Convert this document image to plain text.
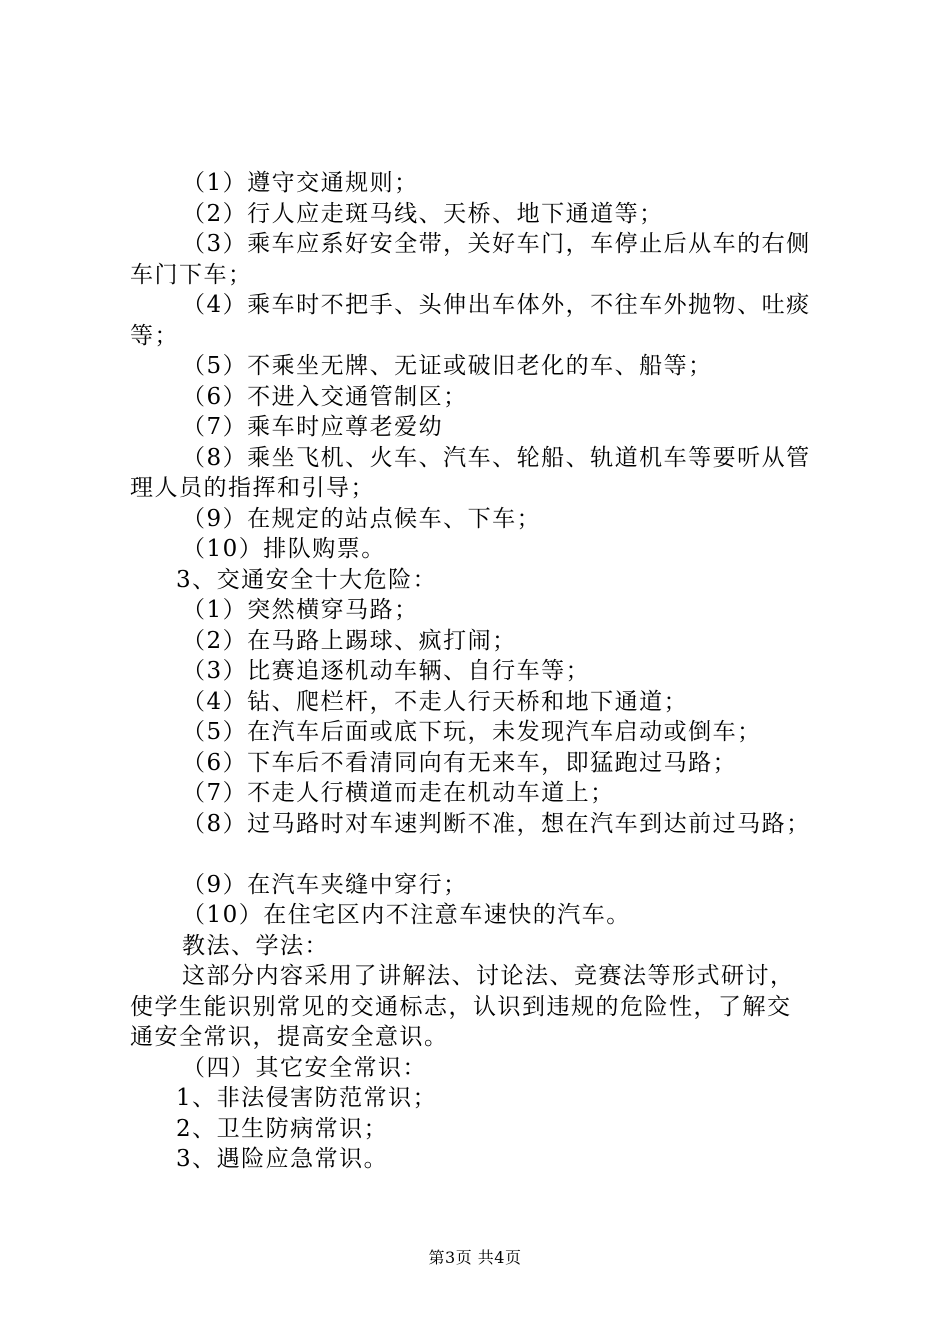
（1）遵守交通规则；

（2）行人应走斑马线、天桥、地下通道等；

（3）乘车应系好安全带，关好车门，车停止后从车的右侧

车门下车；

（4）乘车时不把手、头伸出车体外，不往车外抛物、吐痰

等；

（5）不乘坐无牌、无证或破旧老化的车、船等；

（6）不进入交通管制区；

（7）乘车时应尊老爱幼

（8）乘坐飞机、火车、汽车、轮船、轨道机车等要听从管

理人员的指挥和引导；

（9）在规定的站点候车、下车；

（10）排队购票。

3、交通安全十大危险：

（1）突然横穿马路；

（2）在马路上踢球、疯打闹；

（3）比赛追逐机动车辆、自行车等；

（4）钻、爬栏杆，不走人行天桥和地下通道；

（5）在汽车后面或底下玩，未发现汽车启动或倒车；

（6）下车后不看清同向有无来车，即猛跑过马路；

（7）不走人行横道而走在机动车道上；

（8）过马路时对车速判断不准，想在汽车到达前过马路；

（9）在汽车夹缝中穿行；

（10）在住宅区内不注意车速快的汽车。

教法、学法：

这部分内容采用了讲解法、讨论法、竞赛法等形式研讨，

使学生能识别常见的交通标志，认识到违规的危险性，了解交

通安全常识，提高安全意识。

（四）其它安全常识：

1、非法侵害防范常识；

2、卫生防病常识；

3、遇险应急常识。

第3页 共4页
